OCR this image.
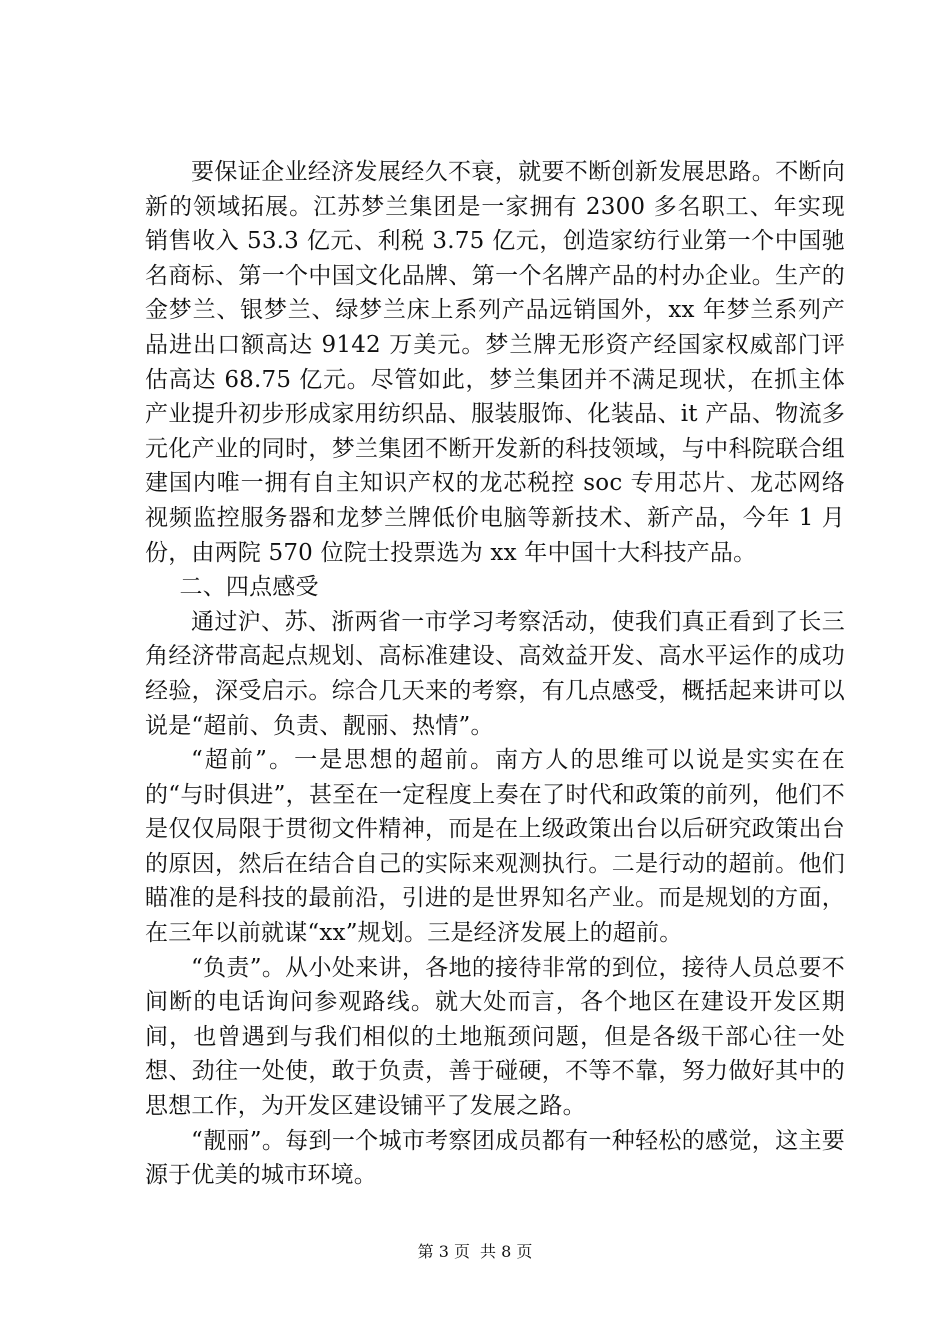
要保证企业经济发展经久不衰，就要不断创新发展思路。不断向新的领域拓展。江苏梦兰集团是一家拥有 2300 多名职工、年实现销售收入 53.3 亿元、利税 3.75 亿元，创造家纺行业第一个中国驰名商标、第一个中国文化品牌、第一个名牌产品的村办企业。生产的金梦兰、银梦兰、绿梦兰床上系列产品远销国外，xx 年梦兰系列产品进出口额高达 9142 万美元。梦兰牌无形资产经国家权威部门评估高达 68.75 亿元。尽管如此，梦兰集团并不满足现状，在抓主体产业提升初步形成家用纺织品、服装服饰、化装品、it 产品、物流多元化产业的同时，梦兰集团不断开发新的科技领域，与中科院联合组建国内唯一拥有自主知识产权的龙芯税控 soc 专用芯片、龙芯网络视频监控服务器和龙梦兰牌低价电脑等新技术、新产品，今年 1 月份，由两院 570 位院士投票选为 xx 年中国十大科技产品。

二、四点感受

通过沪、苏、浙两省一市学习考察活动，使我们真正看到了长三角经济带高起点规划、高标准建设、高效益开发、高水平运作的成功经验，深受启示。综合几天来的考察，有几点感受，概括起来讲可以说是“超前、负责、靓丽、热情”。

“超前”。一是思想的超前。南方人的思维可以说是实实在在的“与时俱进”，甚至在一定程度上奏在了时代和政策的前列，他们不是仅仅局限于贯彻文件精神，而是在上级政策出台以后研究政策出台的原因，然后在结合自己的实际来观测执行。二是行动的超前。他们瞄准的是科技的最前沿，引进的是世界知名产业。而是规划的方面，在三年以前就谋“xx”规划。三是经济发展上的超前。

“负责”。从小处来讲，各地的接待非常的到位，接待人员总要不间断的电话询问参观路线。就大处而言，各个地区在建设开发区期间，也曾遇到与我们相似的土地瓶颈问题，但是各级干部心往一处想、劲往一处使，敢于负责，善于碰硬，不等不靠，努力做好其中的思想工作，为开发区建设铺平了发展之路。

“靓丽”。每到一个城市考察团成员都有一种轻松的感觉，这主要源于优美的城市环境。

第 3 页 共 8 页
